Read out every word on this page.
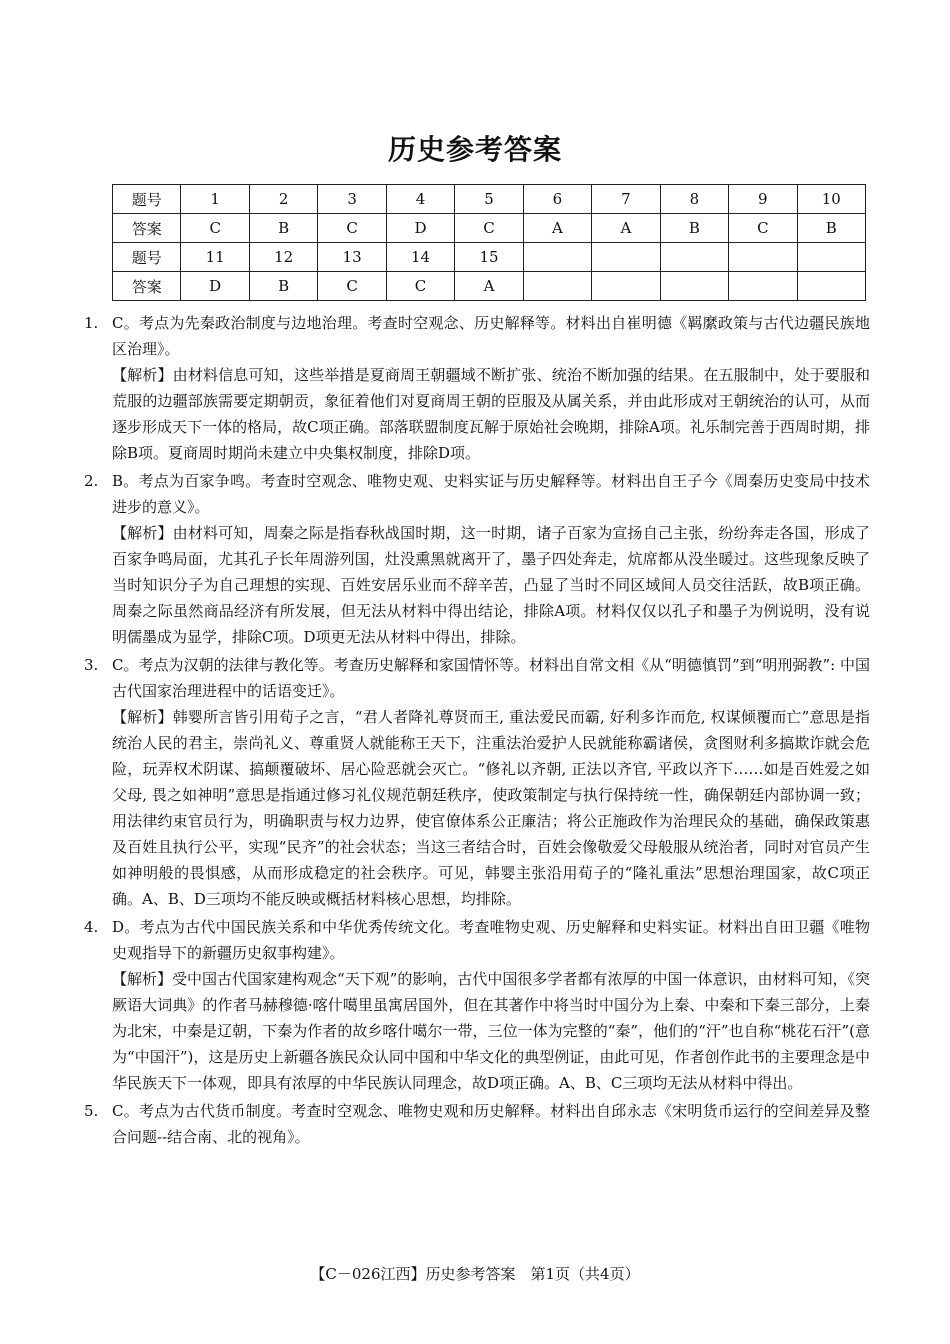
历史参考答案
题号	1	2	3	4	5	6	7	8	9	10
答案	C	B	C	D	C	A	A	B	C	B
题号	11	12	13	14	15					
答案	D	B	C	C	A					
1. C。考点为先秦政治制度与边地治理。考查时空观念、历史解释等。材料出自崔明德《羁縻政策与古代边疆民族地区治理》。
【解析】由材料信息可知，这些举措是夏商周王朝疆域不断扩张、统治不断加强的结果。在五服制中，处于要服和荒服的边疆部族需要定期朝贡，象征着他们对夏商周王朝的臣服及从属关系，并由此形成对王朝统治的认可，从而逐步形成天下一体的格局，故C项正确。部落联盟制度瓦解于原始社会晚期，排除A项。礼乐制完善于西周时期，排除B项。夏商周时期尚未建立中央集权制度，排除D项。
2. B。考点为百家争鸣。考查时空观念、唯物史观、史料实证与历史解释等。材料出自王子今《周秦历史变局中技术进步的意义》。
【解析】由材料可知，周秦之际是指春秋战国时期，这一时期，诸子百家为宣扬自己主张，纷纷奔走各国，形成了百家争鸣局面，尤其孔子长年周游列国，灶没熏黑就离开了，墨子四处奔走，炕席都从没坐暖过。这些现象反映了当时知识分子为自己理想的实现、百姓安居乐业而不辞辛苦，凸显了当时不同区域间人员交往活跃，故B项正确。周秦之际虽然商品经济有所发展，但无法从材料中得出结论，排除A项。材料仅仅以孔子和墨子为例说明，没有说明儒墨成为显学，排除C项。D项更无法从材料中得出，排除。
3. C。考点为汉朝的法律与教化等。考查历史解释和家国情怀等。材料出自常文相《从“明德慎罚”到“明刑弼教”: 中国古代国家治理进程中的话语变迁》。
【解析】韩婴所言皆引用荀子之言，“君人者降礼尊贤而王, 重法爱民而霸, 好利多诈而危, 权谋倾覆而亡”意思是指统治人民的君主，崇尚礼义、尊重贤人就能称王天下，注重法治爱护人民就能称霸诸侯，贪图财利多搞欺诈就会危险，玩弄权术阴谋、搞颠覆破坏、居心险恶就会灭亡。“修礼以齐朝, 正法以齐官, 平政以齐下……如是百姓爱之如父母, 畏之如神明”意思是指通过修习礼仪规范朝廷秩序，使政策制定与执行保持统一性，确保朝廷内部协调一致；用法律约束官员行为，明确职责与权力边界，使官僚体系公正廉洁；将公正施政作为治理民众的基础，确保政策惠及百姓且执行公平，实现“民齐”的社会状态；当这三者结合时，百姓会像敬爱父母般服从统治者，同时对官员产生如神明般的畏惧感，从而形成稳定的社会秩序。可见，韩婴主张沿用荀子的“隆礼重法”思想治理国家，故C项正确。A、B、D三项均不能反映或概括材料核心思想，均排除。
4. D。考点为古代中国民族关系和中华优秀传统文化。考查唯物史观、历史解释和史料实证。材料出自田卫疆《唯物史观指导下的新疆历史叙事构建》。
【解析】受中国古代国家建构观念“天下观”的影响，古代中国很多学者都有浓厚的中国一体意识，由材料可知，《突厥语大词典》的作者马赫穆德·喀什噶里虽寓居国外，但在其著作中将当时中国分为上秦、中秦和下秦三部分，上秦为北宋，中秦是辽朝，下秦为作者的故乡喀什噶尔一带，三位一体为完整的“秦”，他们的“汗”也自称“桃花石汗”(意为“中国汗”)，这是历史上新疆各族民众认同中国和中华文化的典型例证，由此可见，作者创作此书的主要理念是中华民族天下一体观，即具有浓厚的中华民族认同理念，故D项正确。A、B、C三项均无法从材料中得出。
5. C。考点为古代货币制度。考查时空观念、唯物史观和历史解释。材料出自邱永志《宋明货币运行的空间差异及整合问题--结合南、北的视角》。
【C－026江西】历史参考答案　第1页（共4页）
